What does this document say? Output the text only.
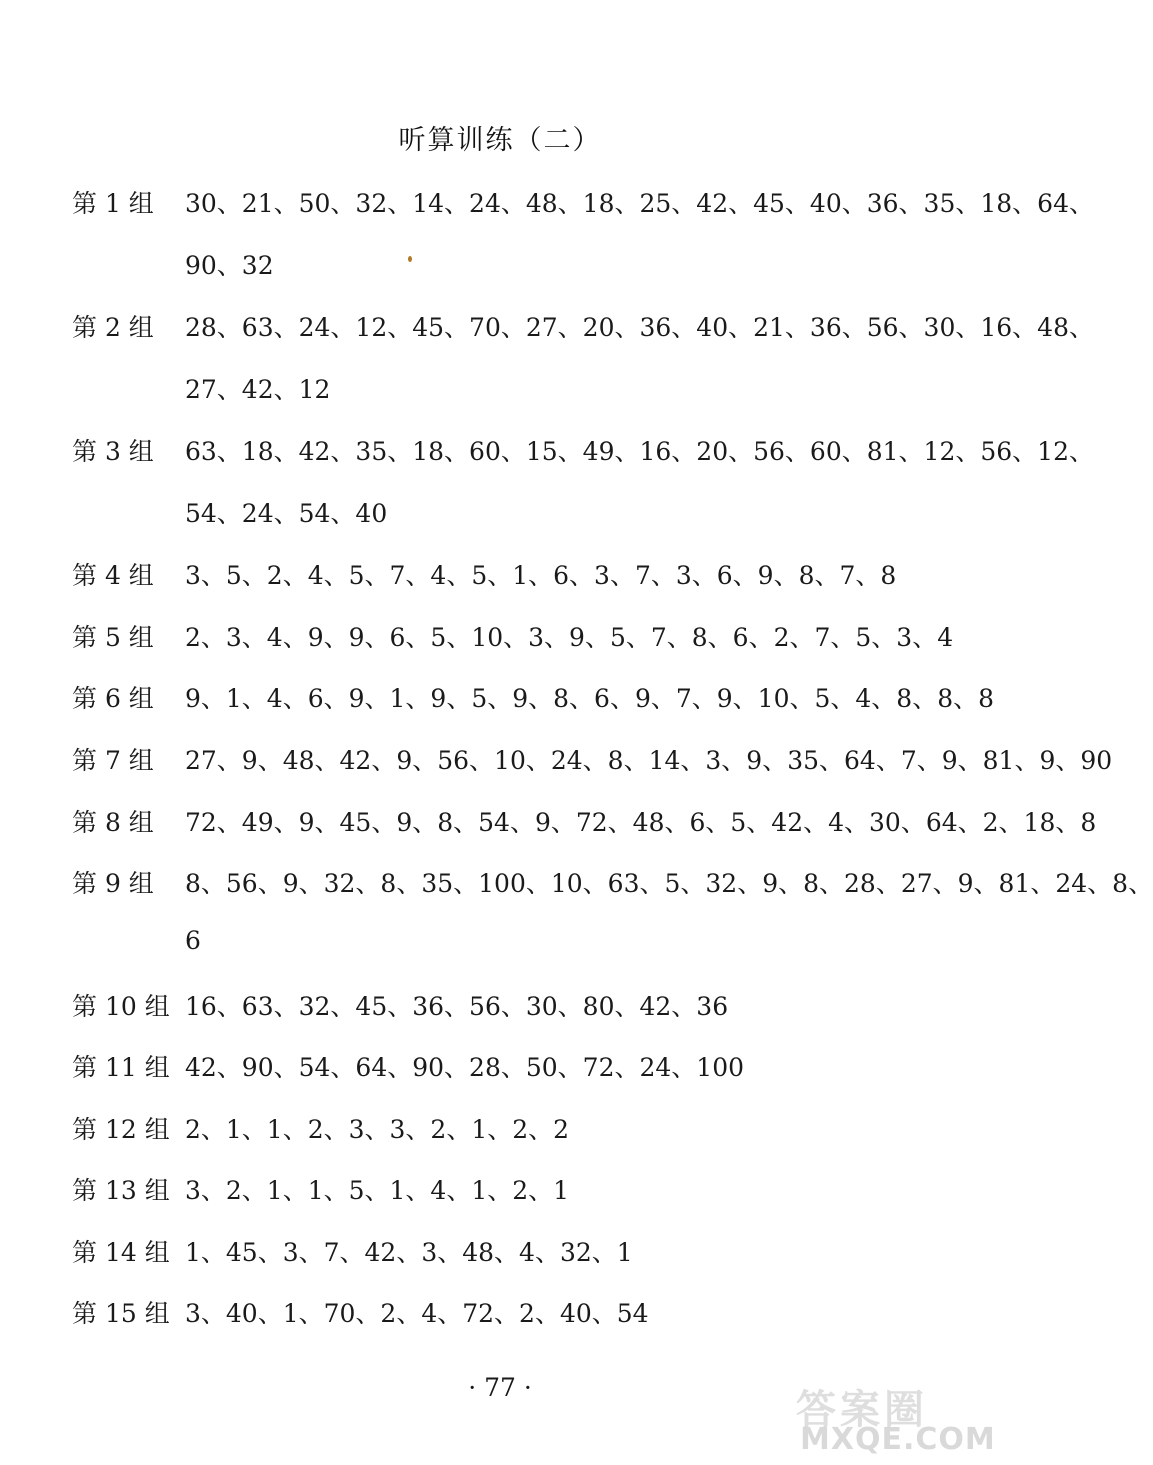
听算训练（二）
第 1 组 30、21、50、32、14、24、48、18、25、42、45、40、36、35、18、64、
90、32
第 2 组 28、63、24、12、45、70、27、20、36、40、21、36、56、30、16、48、
27、42、12
第 3 组 63、18、42、35、18、60、15、49、16、20、56、60、81、12、56、12、
54、24、54、40
第 4 组 3、5、2、4、5、7、4、5、1、6、3、7、3、6、9、8、7、8
第 5 组 2、3、4、9、9、6、5、10、3、9、5、7、8、6、2、7、5、3、4
第 6 组 9、1、4、6、9、1、9、5、9、8、6、9、7、9、10、5、4、8、8、8
第 7 组 27、9、48、42、9、56、10、24、8、14、3、9、35、64、7、9、81、9、90
第 8 组 72、49、9、45、9、8、54、9、72、48、6、5、42、4、30、64、2、18、8
第 9 组 8、56、9、32、8、35、100、10、63、5、32、9、8、28、27、9、81、24、8、
6
第 10 组 16、63、32、45、36、56、30、80、42、36
第 11 组 42、90、54、64、90、28、50、72、24、100
第 12 组 2、1、1、2、3、3、2、1、2、2
第 13 组 3、2、1、1、5、1、4、1、2、1
第 14 组 1、45、3、7、42、3、48、4、32、1
第 15 组 3、40、1、70、2、4、72、2、40、54
· 77 ·	答案圈
MXQE.COM
